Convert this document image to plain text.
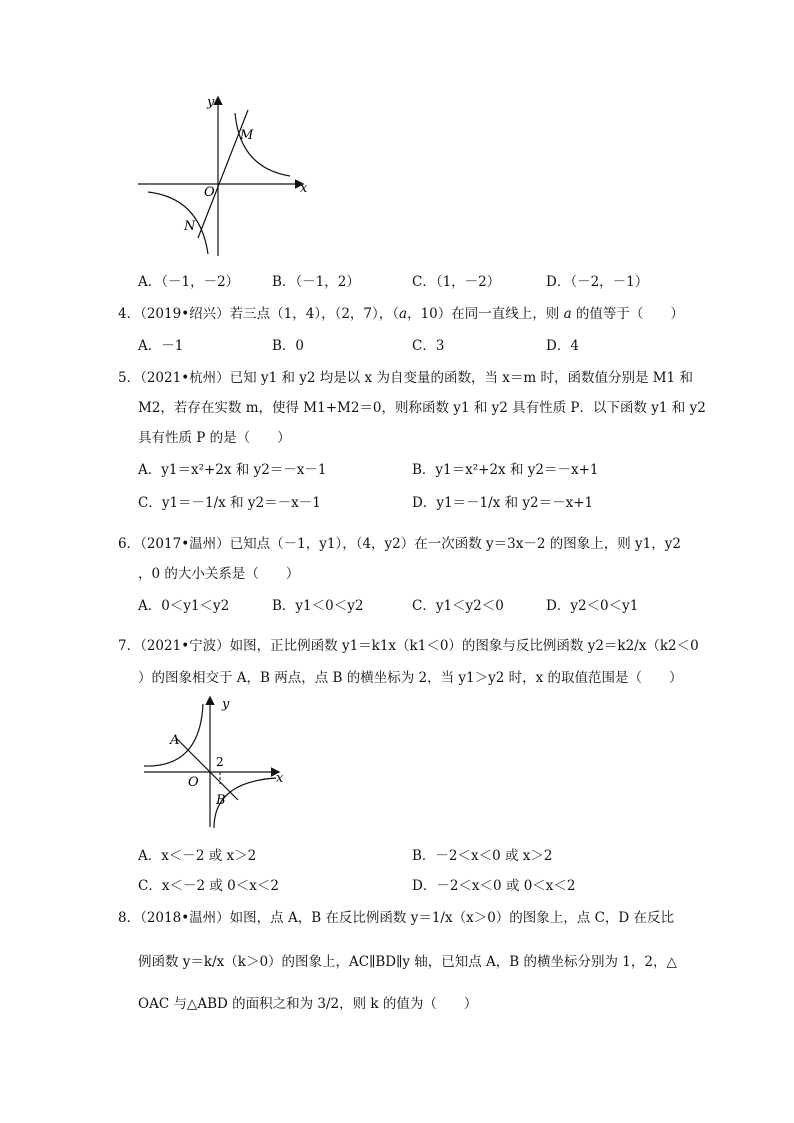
y
x
O
M
N
A．（－1，－2） B．（－1，2）	C．（1，－2）	D．（－2，－1）
4．（2019•绍兴）若三点（1，4），（2，7），（a，10）在同一直线上，则 a 的值等于（　　）
A．－1	B．0	C．3	D．4
5．（2021•杭州）已知 y1 和 y2 均是以 x 为自变量的函数，当 x＝m 时，函数值分别是 M1 和
M2，若存在实数 m，使得 M1+M2＝0，则称函数 y1 和 y2 具有性质 P．以下函数 y1 和 y2
具有性质 P 的是（　　）
A．y1＝x²+2x 和 y2＝－x－1	B．y1＝x²+2x 和 y2＝－x+1
C．y1＝－1/x 和 y2＝－x－1	D．y1＝－1/x 和 y2＝－x+1
6．（2017•温州）已知点（－1，y1），（4，y2）在一次函数 y＝3x－2 的图象上，则 y1，y2
，0 的大小关系是（　　）
A．0＜y1＜y2	B．y1＜0＜y2	C．y1＜y2＜0	D．y2＜0＜y1
7．（2021•宁波）如图，正比例函数 y1＝k1x（k1＜0）的图象与反比例函数 y2＝k2/x（k2＜0
）的图象相交于 A，B 两点，点 B 的横坐标为 2，当 y1＞y2 时，x 的取值范围是（　　）
y
x
O
A
B
2
A．x＜－2 或 x＞2	B．－2＜x＜0 或 x＞2
C．x＜－2 或 0＜x＜2	D．－2＜x＜0 或 0＜x＜2
8．（2018•温州）如图，点 A，B 在反比例函数 y＝1/x（x＞0）的图象上，点 C，D 在反比
例函数 y＝k/x（k＞0）的图象上，AC∥BD∥y 轴，已知点 A，B 的横坐标分别为 1，2，△
OAC 与△ABD 的面积之和为 3/2，则 k 的值为（　　）
